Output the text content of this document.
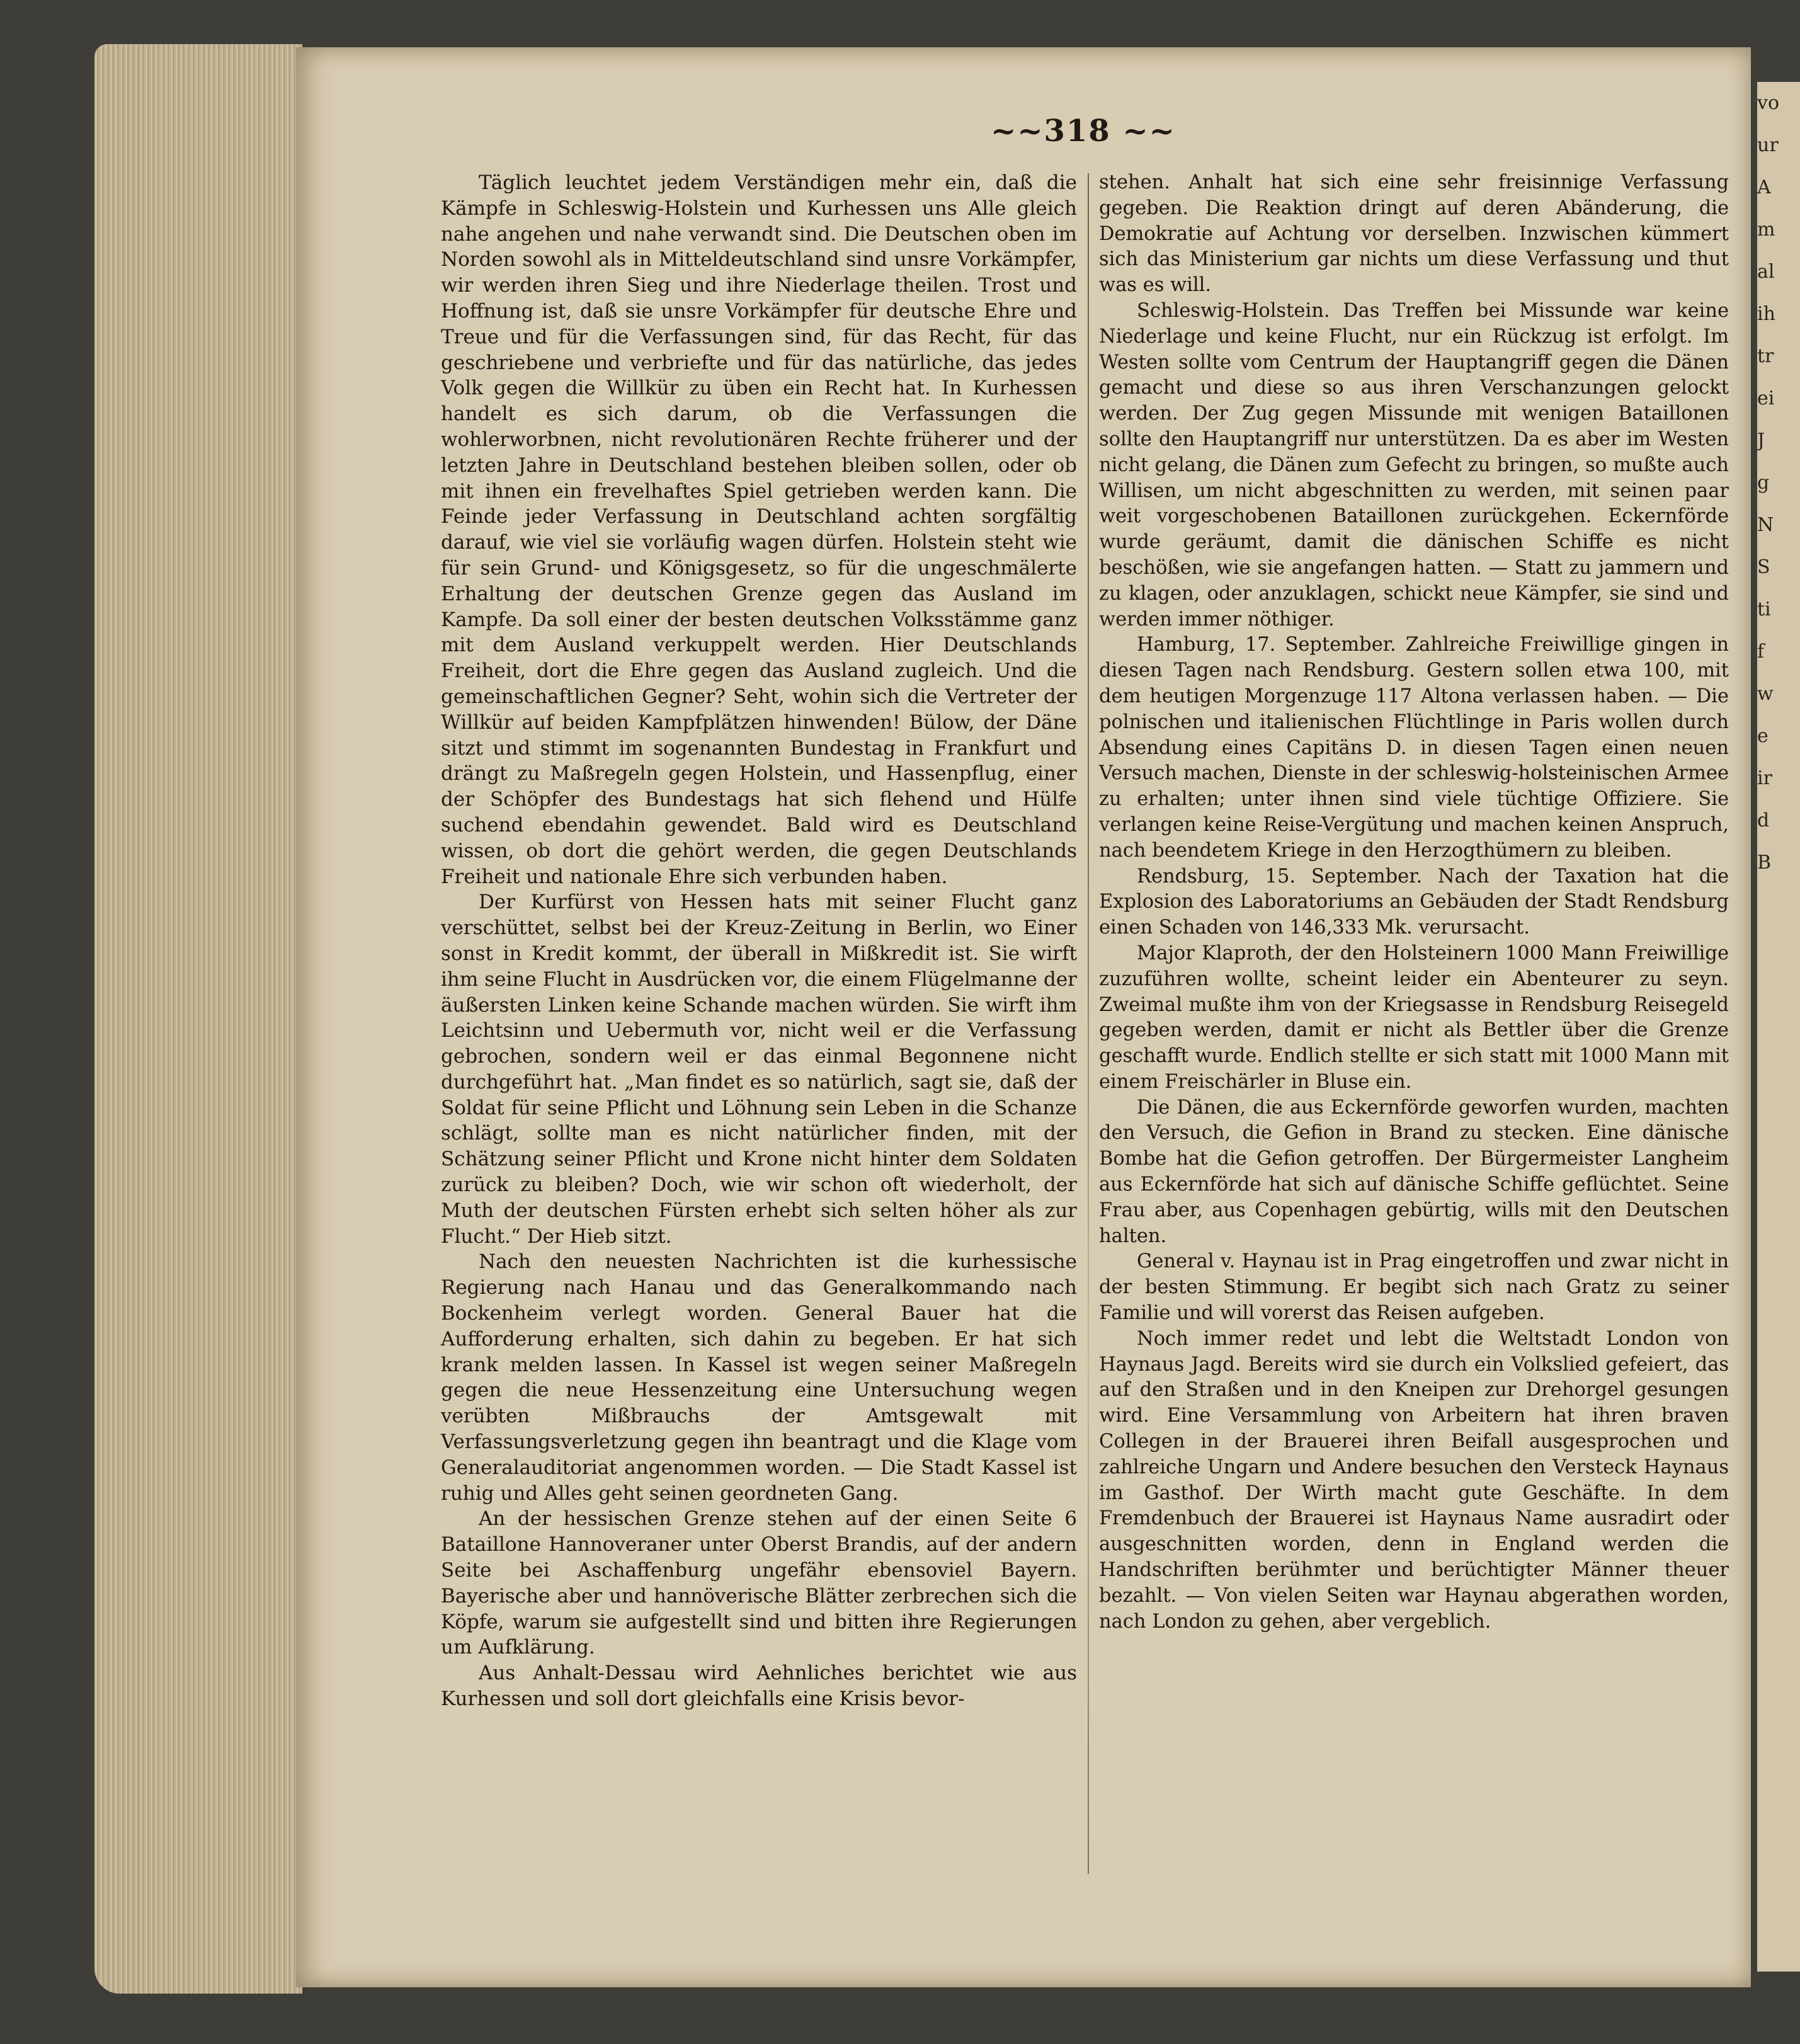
vo
ur
A
m
al
ih
tr
ei
J
g
N
S
ti
f
w
e
ir
d
B
~~318 ~~

Täglich leuchtet jedem Verständigen mehr ein, daß die Kämpfe in Schleswig-Holstein und Kurhessen uns Alle gleich nahe angehen und nahe verwandt sind. Die Deutschen oben im Norden sowohl als in Mitteldeutschland sind unsre Vorkämpfer, wir werden ihren Sieg und ihre Niederlage theilen. Trost und Hoffnung ist, daß sie unsre Vorkämpfer für deutsche Ehre und Treue und für die Verfassungen sind, für das Recht, für das geschriebene und verbriefte und für das natürliche, das jedes Volk gegen die Willkür zu üben ein Recht hat. In Kurhessen handelt es sich darum, ob die Verfassungen die wohlerworbnen, nicht revolutionären Rechte früherer und der letzten Jahre in Deutschland bestehen bleiben sollen, oder ob mit ihnen ein frevelhaftes Spiel getrieben werden kann. Die Feinde jeder Verfassung in Deutschland achten sorgfältig darauf, wie viel sie vorläufig wagen dürfen. Holstein steht wie für sein Grund- und Königsgesetz, so für die ungeschmälerte Erhaltung der deutschen Grenze gegen das Ausland im Kampfe. Da soll einer der besten deutschen Volksstämme ganz mit dem Ausland verkuppelt werden. Hier Deutschlands Freiheit, dort die Ehre gegen das Ausland zugleich. Und die gemeinschaftlichen Gegner? Seht, wohin sich die Vertreter der Willkür auf beiden Kampfplätzen hinwenden! Bülow, der Däne sitzt und stimmt im sogenannten Bundestag in Frankfurt und drängt zu Maßregeln gegen Holstein, und Hassenpflug, einer der Schöpfer des Bundestags hat sich flehend und Hülfe suchend ebendahin gewendet. Bald wird es Deutschland wissen, ob dort die gehört werden, die gegen Deutschlands Freiheit und nationale Ehre sich verbunden haben.

Der Kurfürst von Hessen hats mit seiner Flucht ganz verschüttet, selbst bei der Kreuz-Zeitung in Berlin, wo Einer sonst in Kredit kommt, der überall in Mißkredit ist. Sie wirft ihm seine Flucht in Ausdrücken vor, die einem Flügelmanne der äußersten Linken keine Schande machen würden. Sie wirft ihm Leichtsinn und Uebermuth vor, nicht weil er die Verfassung gebrochen, sondern weil er das einmal Begonnene nicht durchgeführt hat. „Man findet es so natürlich, sagt sie, daß der Soldat für seine Pflicht und Löhnung sein Leben in die Schanze schlägt, sollte man es nicht natürlicher finden, mit der Schätzung seiner Pflicht und Krone nicht hinter dem Soldaten zurück zu bleiben? Doch, wie wir schon oft wiederholt, der Muth der deutschen Fürsten erhebt sich selten höher als zur Flucht.“ Der Hieb sitzt.

Nach den neuesten Nachrichten ist die kurhessische Regierung nach Hanau und das Generalkommando nach Bockenheim verlegt worden. General Bauer hat die Aufforderung erhalten, sich dahin zu begeben. Er hat sich krank melden lassen. In Kassel ist wegen seiner Maßregeln gegen die neue Hessenzeitung eine Untersuchung wegen verübten Mißbrauchs der Amtsgewalt mit Verfassungsverletzung gegen ihn beantragt und die Klage vom Generalauditoriat angenommen worden. — Die Stadt Kassel ist ruhig und Alles geht seinen geordneten Gang.

An der hessischen Grenze stehen auf der einen Seite 6 Bataillone Hannoveraner unter Oberst Brandis, auf der andern Seite bei Aschaffenburg ungefähr ebensoviel Bayern. Bayerische aber und hannöverische Blätter zerbrechen sich die Köpfe, warum sie aufgestellt sind und bitten ihre Regierungen um Aufklärung.

Aus Anhalt-Dessau wird Aehnliches berichtet wie aus Kurhessen und soll dort gleichfalls eine Krisis bevor-

stehen. Anhalt hat sich eine sehr freisinnige Verfassung gegeben. Die Reaktion dringt auf deren Abänderung, die Demokratie auf Achtung vor derselben. Inzwischen kümmert sich das Ministerium gar nichts um diese Verfassung und thut was es will.

Schleswig-Holstein. Das Treffen bei Missunde war keine Niederlage und keine Flucht, nur ein Rückzug ist erfolgt. Im Westen sollte vom Centrum der Hauptangriff gegen die Dänen gemacht und diese so aus ihren Verschanzungen gelockt werden. Der Zug gegen Missunde mit wenigen Bataillonen sollte den Hauptangriff nur unterstützen. Da es aber im Westen nicht gelang, die Dänen zum Gefecht zu bringen, so mußte auch Willisen, um nicht abgeschnitten zu werden, mit seinen paar weit vorgeschobenen Bataillonen zurückgehen. Eckernförde wurde geräumt, damit die dänischen Schiffe es nicht beschößen, wie sie angefangen hatten. — Statt zu jammern und zu klagen, oder anzuklagen, schickt neue Kämpfer, sie sind und werden immer nöthiger.

Hamburg, 17. September. Zahlreiche Freiwillige gingen in diesen Tagen nach Rendsburg. Gestern sollen etwa 100, mit dem heutigen Morgenzuge 117 Altona verlassen haben. — Die polnischen und italienischen Flüchtlinge in Paris wollen durch Absendung eines Capitäns D. in diesen Tagen einen neuen Versuch machen, Dienste in der schleswig-holsteinischen Armee zu erhalten; unter ihnen sind viele tüchtige Offiziere. Sie verlangen keine Reise-Vergütung und machen keinen Anspruch, nach beendetem Kriege in den Herzogthümern zu bleiben.

Rendsburg, 15. September. Nach der Taxation hat die Explosion des Laboratoriums an Gebäuden der Stadt Rendsburg einen Schaden von 146,333 Mk. verursacht.

Major Klaproth, der den Holsteinern 1000 Mann Freiwillige zuzuführen wollte, scheint leider ein Abenteurer zu seyn. Zweimal mußte ihm von der Kriegsasse in Rendsburg Reisegeld gegeben werden, damit er nicht als Bettler über die Grenze geschafft wurde. Endlich stellte er sich statt mit 1000 Mann mit einem Freischärler in Bluse ein.

Die Dänen, die aus Eckernförde geworfen wurden, machten den Versuch, die Gefion in Brand zu stecken. Eine dänische Bombe hat die Gefion getroffen. Der Bürgermeister Langheim aus Eckernförde hat sich auf dänische Schiffe geflüchtet. Seine Frau aber, aus Copenhagen gebürtig, wills mit den Deutschen halten.

General v. Haynau ist in Prag eingetroffen und zwar nicht in der besten Stimmung. Er begibt sich nach Gratz zu seiner Familie und will vorerst das Reisen aufgeben.

Noch immer redet und lebt die Weltstadt London von Haynaus Jagd. Bereits wird sie durch ein Volkslied gefeiert, das auf den Straßen und in den Kneipen zur Drehorgel gesungen wird. Eine Versammlung von Arbeitern hat ihren braven Collegen in der Brauerei ihren Beifall ausgesprochen und zahlreiche Ungarn und Andere besuchen den Versteck Haynaus im Gasthof. Der Wirth macht gute Geschäfte. In dem Fremdenbuch der Brauerei ist Haynaus Name ausradirt oder ausgeschnitten worden, denn in England werden die Handschriften berühmter und berüchtigter Männer theuer bezahlt. — Von vielen Seiten war Haynau abgerathen worden, nach London zu gehen, aber vergeblich.
